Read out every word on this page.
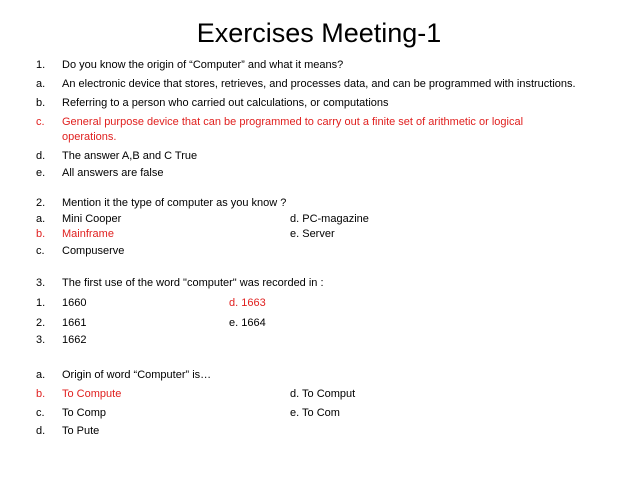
Exercises Meeting-1
1. Do you know the origin of “Computer” and what it means?
a. An electronic device that stores, retrieves, and processes data, and can be programmed with instructions.
b. Referring to a person who carried out calculations, or computations
c. General purpose device that can be programmed to carry out a finite set of arithmetic or logical
operations.
d. The answer A,B and C True
e. All answers are false
2. Mention it the type of computer as you know ?
a. Mini Cooper	d. PC-magazine
b. Mainframe	e. Server
c. Compuserve
3. The first use of the word "computer" was recorded in :
1. 1660	d. 1663
2. 1661	e. 1664
3. 1662
a. Origin of word “Computer” is…
b. To Compute	d. To Comput
c. To Comp	e. To Com
d. To Pute
